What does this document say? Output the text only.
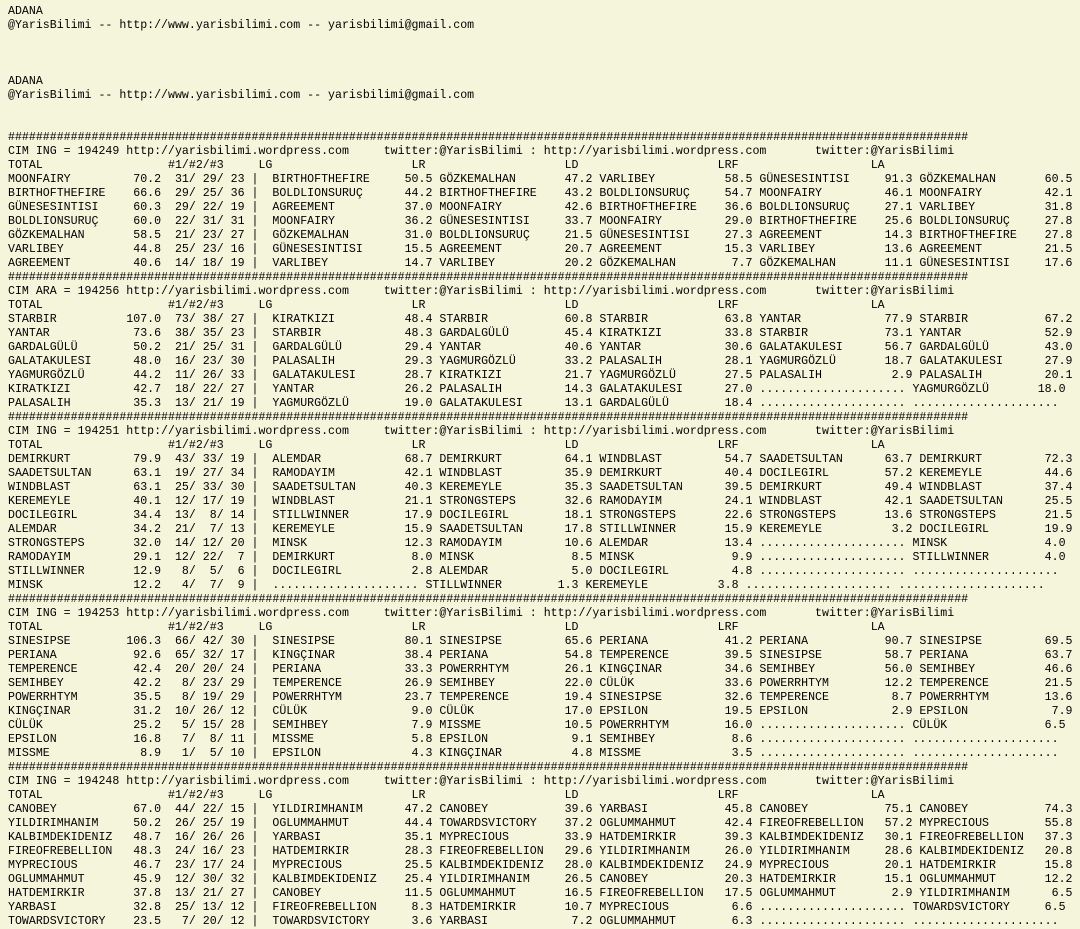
ADANA
@YarisBilimi -- http://www.yarisbilimi.com -- yarisbilimi@gmail.com
ADANA
@YarisBilimi -- http://www.yarisbilimi.com -- yarisbilimi@gmail.com
##########################################################################################################################################
CIM ING = 194249 http://yarisbilimi.wordpress.com     twitter:@YarisBilimi : http://yarisbilimi.wordpress.com       twitter:@YarisBilimi
TOTAL                  #1/#2/#3     LG                    LR                    LD                    LRF                   LA
MOONFAIRY         70.2  31/ 29/ 23 |  BIRTHOFTHEFIRE     50.5 GÖZKEMALHAN       47.2 VARLIBEY          58.5 GÜNESESINTISI     91.3 GÖZKEMALHAN       60.5
BIRTHOFTHEFIRE    66.6  29/ 25/ 36 |  BOLDLIONSURUÇ      44.2 BIRTHOFTHEFIRE    43.2 BOLDLIONSURUÇ     54.7 MOONFAIRY         46.1 MOONFAIRY         42.1
GÜNESESINTISI     60.3  29/ 22/ 19 |  AGREEMENT          37.0 MOONFAIRY         42.6 BIRTHOFTHEFIRE    36.6 BOLDLIONSURUÇ     27.1 VARLIBEY          31.8
BOLDLIONSURUÇ     60.0  22/ 31/ 31 |  MOONFAIRY          36.2 GÜNESESINTISI     33.7 MOONFAIRY         29.0 BIRTHOFTHEFIRE    25.6 BOLDLIONSURUÇ     27.8
GÖZKEMALHAN       58.5  21/ 23/ 27 |  GÖZKEMALHAN        31.0 BOLDLIONSURUÇ     21.5 GÜNESESINTISI     27.3 AGREEMENT         14.3 BIRTHOFTHEFIRE    27.8
VARLIBEY          44.8  25/ 23/ 16 |  GÜNESESINTISI      15.5 AGREEMENT         20.7 AGREEMENT         15.3 VARLIBEY          13.6 AGREEMENT         21.5
AGREEMENT         40.6  14/ 18/ 19 |  VARLIBEY           14.7 VARLIBEY          20.2 GÖZKEMALHAN        7.7 GÖZKEMALHAN       11.1 GÜNESESINTISI     17.6
##########################################################################################################################################
CIM ARA = 194256 http://yarisbilimi.wordpress.com     twitter:@YarisBilimi : http://yarisbilimi.wordpress.com       twitter:@YarisBilimi
TOTAL                  #1/#2/#3     LG                    LR                    LD                    LRF                   LA
STARBIR          107.0  73/ 38/ 27 |  KIRATKIZI          48.4 STARBIR           60.8 STARBIR           63.8 YANTAR            77.9 STARBIR           67.2
YANTAR            73.6  38/ 35/ 23 |  STARBIR            48.3 GARDALGÜLÜ        45.4 KIRATKIZI         33.8 STARBIR           73.1 YANTAR            52.9
GARDALGÜLÜ        50.2  21/ 25/ 31 |  GARDALGÜLÜ         29.4 YANTAR            40.6 YANTAR            30.6 GALATAKULESI      56.7 GARDALGÜLÜ        43.0
GALATAKULESI      48.0  16/ 23/ 30 |  PALASALIH          29.3 YAGMURGÖZLÜ       33.2 PALASALIH         28.1 YAGMURGÖZLÜ       18.7 GALATAKULESI      27.9
YAGMURGÖZLÜ       44.2  11/ 26/ 33 |  GALATAKULESI       28.7 KIRATKIZI         21.7 YAGMURGÖZLÜ       27.5 PALASALIH          2.9 PALASALIH         20.1
KIRATKIZI         42.7  18/ 22/ 27 |  YANTAR             26.2 PALASALIH         14.3 GALATAKULESI      27.0 ..................... YAGMURGÖZLÜ       18.0
PALASALIH         35.3  13/ 21/ 19 |  YAGMURGÖZLÜ        19.0 GALATAKULESI      13.1 GARDALGÜLÜ        18.4 ..................... .....................
##########################################################################################################################################
CIM ING = 194251 http://yarisbilimi.wordpress.com     twitter:@YarisBilimi : http://yarisbilimi.wordpress.com       twitter:@YarisBilimi
TOTAL                  #1/#2/#3     LG                    LR                    LD                    LRF                   LA
DEMIRKURT         79.9  43/ 33/ 19 |  ALEMDAR            68.7 DEMIRKURT         64.1 WINDBLAST         54.7 SAADETSULTAN      63.7 DEMIRKURT         72.3
SAADETSULTAN      63.1  19/ 27/ 34 |  RAMODAYIM          42.1 WINDBLAST         35.9 DEMIRKURT         40.4 DOCILEGIRL        57.2 KEREMEYLE         44.6
WINDBLAST         63.1  25/ 33/ 30 |  SAADETSULTAN       40.3 KEREMEYLE         35.3 SAADETSULTAN      39.5 DEMIRKURT         49.4 WINDBLAST         37.4
KEREMEYLE         40.1  12/ 17/ 19 |  WINDBLAST          21.1 STRONGSTEPS       32.6 RAMODAYIM         24.1 WINDBLAST         42.1 SAADETSULTAN      25.5
DOCILEGIRL        34.4  13/  8/ 14 |  STILLWINNER        17.9 DOCILEGIRL        18.1 STRONGSTEPS       22.6 STRONGSTEPS       13.6 STRONGSTEPS       21.5
ALEMDAR           34.2  21/  7/ 13 |  KEREMEYLE          15.9 SAADETSULTAN      17.8 STILLWINNER       15.9 KEREMEYLE          3.2 DOCILEGIRL        19.9
STRONGSTEPS       32.0  14/ 12/ 20 |  MINSK              12.3 RAMODAYIM         10.6 ALEMDAR           13.4 ..................... MINSK              4.0
RAMODAYIM         29.1  12/ 22/  7 |  DEMIRKURT           8.0 MINSK              8.5 MINSK              9.9 ..................... STILLWINNER        4.0
STILLWINNER       12.9   8/  5/  6 |  DOCILEGIRL          2.8 ALEMDAR            5.0 DOCILEGIRL         4.8 ..................... .....................
MINSK             12.2   4/  7/  9 |  ..................... STILLWINNER        1.3 KEREMEYLE          3.8 ..................... .....................
##########################################################################################################################################
CIM ING = 194253 http://yarisbilimi.wordpress.com     twitter:@YarisBilimi : http://yarisbilimi.wordpress.com       twitter:@YarisBilimi
TOTAL                  #1/#2/#3     LG                    LR                    LD                    LRF                   LA
SINESIPSE        106.3  66/ 42/ 30 |  SINESIPSE          80.1 SINESIPSE         65.6 PERIANA           41.2 PERIANA           90.7 SINESIPSE         69.5
PERIANA           92.6  65/ 32/ 17 |  KINGÇINAR          38.4 PERIANA           54.8 TEMPERENCE        39.5 SINESIPSE         58.7 PERIANA           63.7
TEMPERENCE        42.4  20/ 20/ 24 |  PERIANA            33.3 POWERRHTYM        26.1 KINGÇINAR         34.6 SEMIHBEY          56.0 SEMIHBEY          46.6
SEMIHBEY          42.2   8/ 23/ 29 |  TEMPERENCE         26.9 SEMIHBEY          22.0 CÜLÜK             33.6 POWERRHTYM        12.2 TEMPERENCE        21.5
POWERRHTYM        35.5   8/ 19/ 29 |  POWERRHTYM         23.7 TEMPERENCE        19.4 SINESIPSE         32.6 TEMPERENCE         8.7 POWERRHTYM        13.6
KINGÇINAR         31.2  10/ 26/ 12 |  CÜLÜK               9.0 CÜLÜK             17.0 EPSILON           19.5 EPSILON            2.9 EPSILON            7.9
CÜLÜK             25.2   5/ 15/ 28 |  SEMIHBEY            7.9 MISSME            10.5 POWERRHTYM        16.0 ..................... CÜLÜK              6.5
EPSILON           16.8   7/  8/ 11 |  MISSME              5.8 EPSILON            9.1 SEMIHBEY           8.6 ..................... .....................
MISSME             8.9   1/  5/ 10 |  EPSILON             4.3 KINGÇINAR          4.8 MISSME             3.5 ..................... .....................
##########################################################################################################################################
CIM ING = 194248 http://yarisbilimi.wordpress.com     twitter:@YarisBilimi : http://yarisbilimi.wordpress.com       twitter:@YarisBilimi
TOTAL                  #1/#2/#3     LG                    LR                    LD                    LRF                   LA
CANOBEY           67.0  44/ 22/ 15 |  YILDIRIMHANIM      47.2 CANOBEY           39.6 YARBASI           45.8 CANOBEY           75.1 CANOBEY           74.3
YILDIRIMHANIM     50.2  26/ 25/ 19 |  OGLUMMAHMUT        44.4 TOWARDSVICTORY    37.2 OGLUMMAHMUT       42.4 FIREOFREBELLION   57.2 MYPRECIOUS        55.8
KALBIMDEKIDENIZ   48.7  16/ 26/ 26 |  YARBASI            35.1 MYPRECIOUS        33.9 HATDEMIRKIR       39.3 KALBIMDEKIDENIZ   30.1 FIREOFREBELLION   37.3
FIREOFREBELLION   48.3  24/ 16/ 23 |  HATDEMIRKIR        28.3 FIREOFREBELLION   29.6 YILDIRIMHANIM     26.0 YILDIRIMHANIM     28.6 KALBIMDEKIDENIZ   20.8
MYPRECIOUS        46.7  23/ 17/ 24 |  MYPRECIOUS         25.5 KALBIMDEKIDENIZ   28.0 KALBIMDEKIDENIZ   24.9 MYPRECIOUS        20.1 HATDEMIRKIR       15.8
OGLUMMAHMUT       45.9  12/ 30/ 32 |  KALBIMDEKIDENIZ    25.4 YILDIRIMHANIM     26.5 CANOBEY           20.3 HATDEMIRKIR       15.1 OGLUMMAHMUT       12.2
HATDEMIRKIR       37.8  13/ 21/ 27 |  CANOBEY            11.5 OGLUMMAHMUT       16.5 FIREOFREBELLION   17.5 OGLUMMAHMUT        2.9 YILDIRIMHANIM      6.5
YARBASI           32.8  25/ 13/ 12 |  FIREOFREBELLION     8.3 HATDEMIRKIR       10.7 MYPRECIOUS         6.6 ..................... TOWARDSVICTORY     6.5
TOWARDSVICTORY    23.5   7/ 20/ 12 |  TOWARDSVICTORY      3.6 YARBASI            7.2 OGLUMMAHMUT        6.3 ..................... .....................
